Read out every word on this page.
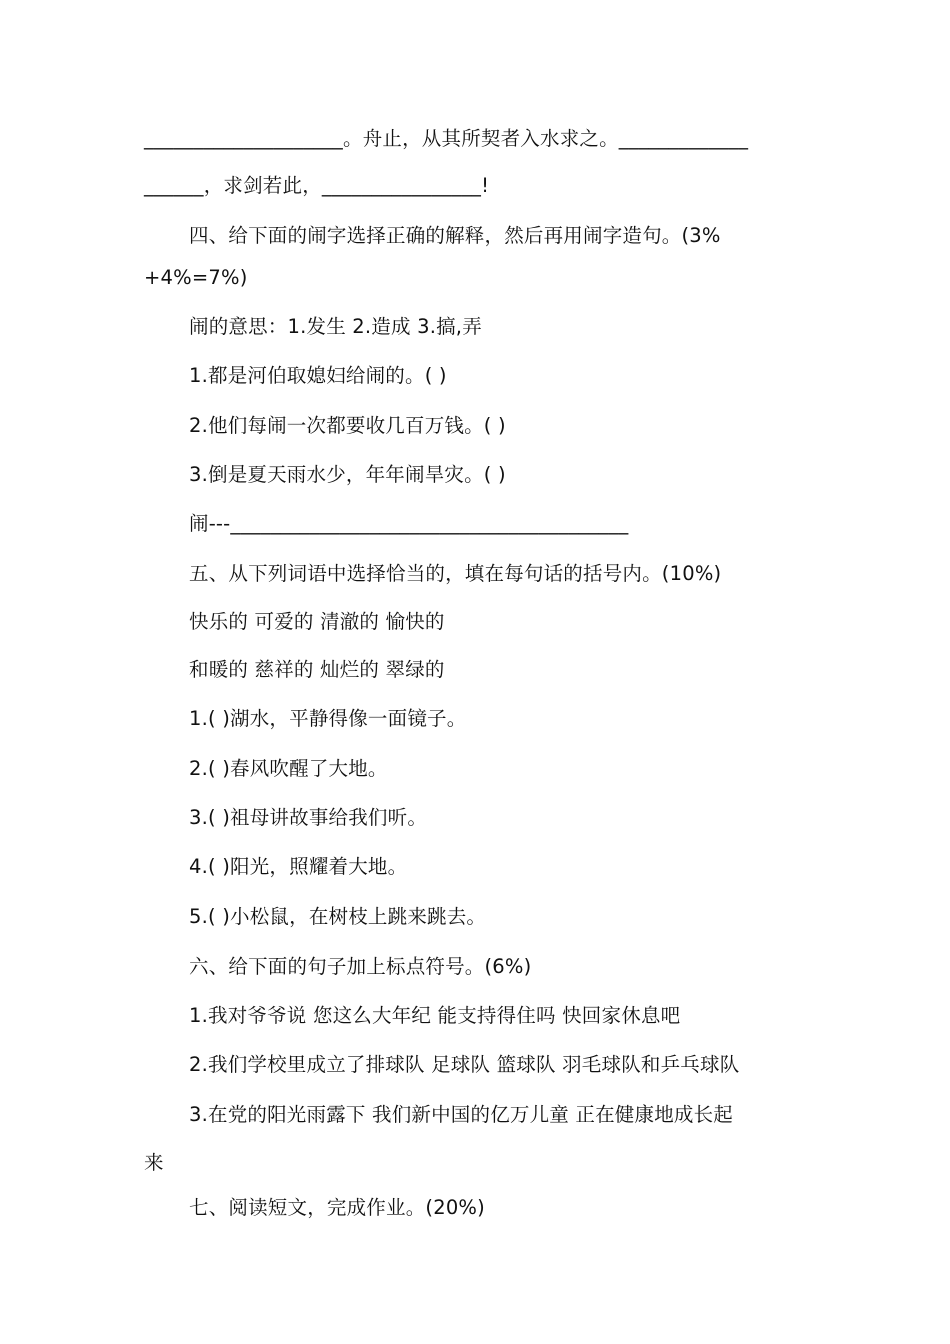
____________________。舟止，从其所契者入水求之。_____________
______，求剑若此，________________!
四、给下面的闹字选择正确的解释，然后再用闹字造句。(3%
+4%=7%)
闹的意思：1.发生 2.造成 3.搞,弄
1.都是河伯取媳妇给闹的。( )
2.他们每闹一次都要收几百万钱。( )
3.倒是夏天雨水少，年年闹旱灾。( )
闹---________________________________________
五、从下列词语中选择恰当的，填在每句话的括号内。(10%)
快乐的 可爱的 清澈的 愉快的
和暖的 慈祥的 灿烂的 翠绿的
1.( )湖水，平静得像一面镜子。
2.( )春风吹醒了大地。
3.( )祖母讲故事给我们听。
4.( )阳光，照耀着大地。
5.( )小松鼠，在树枝上跳来跳去。
六、给下面的句子加上标点符号。(6%)
1.我对爷爷说 您这么大年纪 能支持得住吗 快回家休息吧
2.我们学校里成立了排球队 足球队 篮球队 羽毛球队和乒乓球队
3.在党的阳光雨露下 我们新中国的亿万儿童 正在健康地成长起
来
七、阅读短文，完成作业。(20%)
